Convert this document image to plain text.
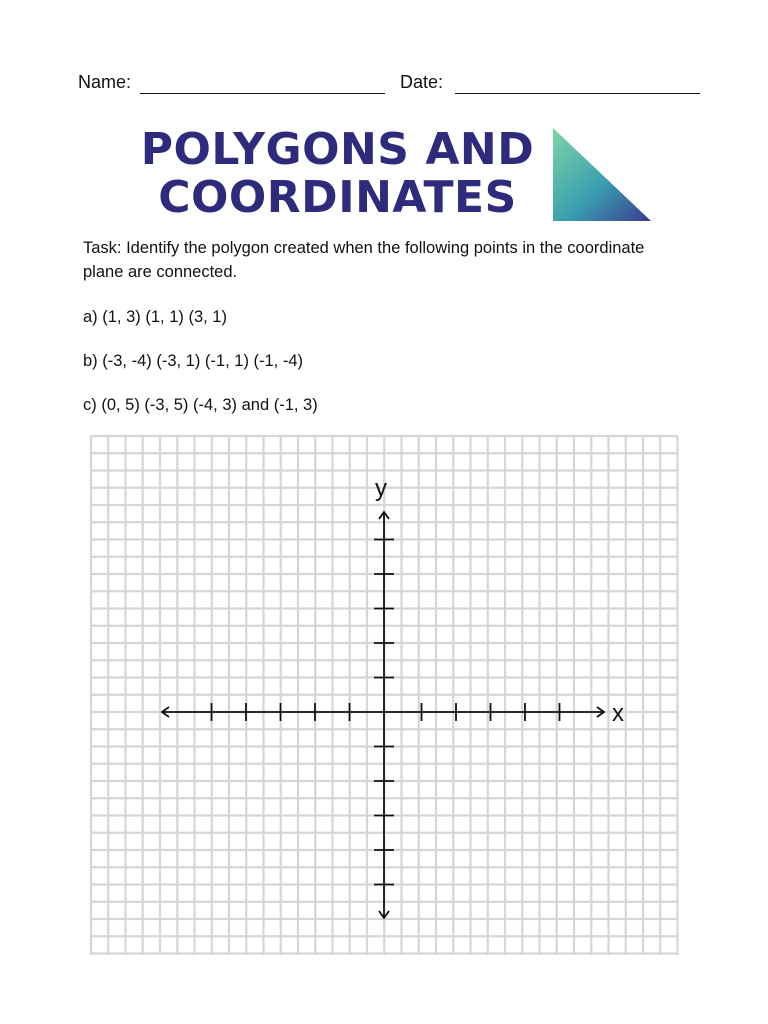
Name:	Date:
POLYGONS AND
COORDINATES
Task: Identify the polygon created when the following points in the coordinate plane are connected.
a) (1, 3) (1, 1) (3, 1)
b) (-3, -4) (-3, 1) (-1, 1) (-1, -4)
c) (0, 5) (-3, 5) (-4, 3) and (-1, 3)
x
y
